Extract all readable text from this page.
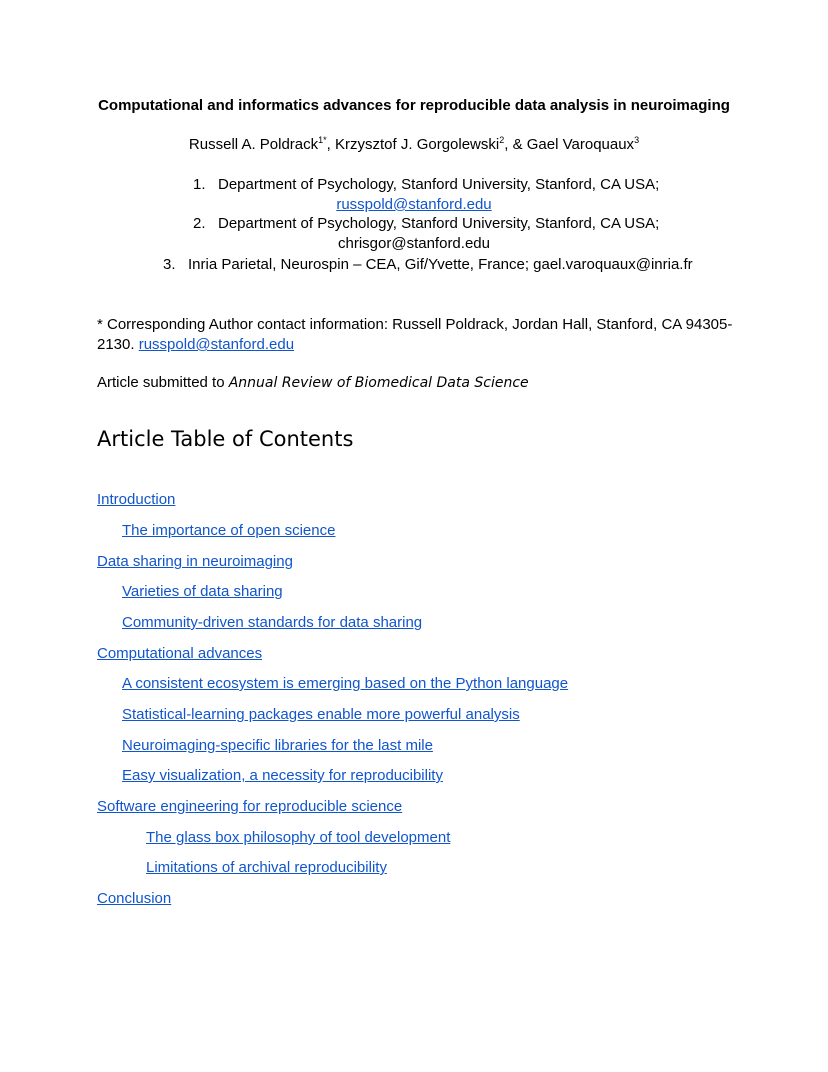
Computational and informatics advances for reproducible data analysis in neuroimaging
Russell A. Poldrack$^{1*}$, Krzysztof J. Gorgolewski$^2$, & Gael Varoquaux$^3$
1. Department of Psychology, Stanford University, Stanford, CA USA;
russpold@stanford.edu
2. Department of Psychology, Stanford University, Stanford, CA USA;
chrisgor@stanford.edu
3. Inria Parietal, Neurospin – CEA, Gif/Yvette, France; gael.varoquaux@inria.fr
* Corresponding Author contact information: Russell Poldrack, Jordan Hall, Stanford, CA 94305-2130. russpold@stanford.edu
Article submitted to Annual Review of Biomedical Data Science
Article Table of Contents
Introduction
The importance of open science
Data sharing in neuroimaging
Varieties of data sharing
Community-driven standards for data sharing
Computational advances
A consistent ecosystem is emerging based on the Python language
Statistical-learning packages enable more powerful analysis
Neuroimaging-specific libraries for the last mile
Easy visualization, a necessity for reproducibility
Software engineering for reproducible science
The glass box philosophy of tool development
Limitations of archival reproducibility
Conclusion
